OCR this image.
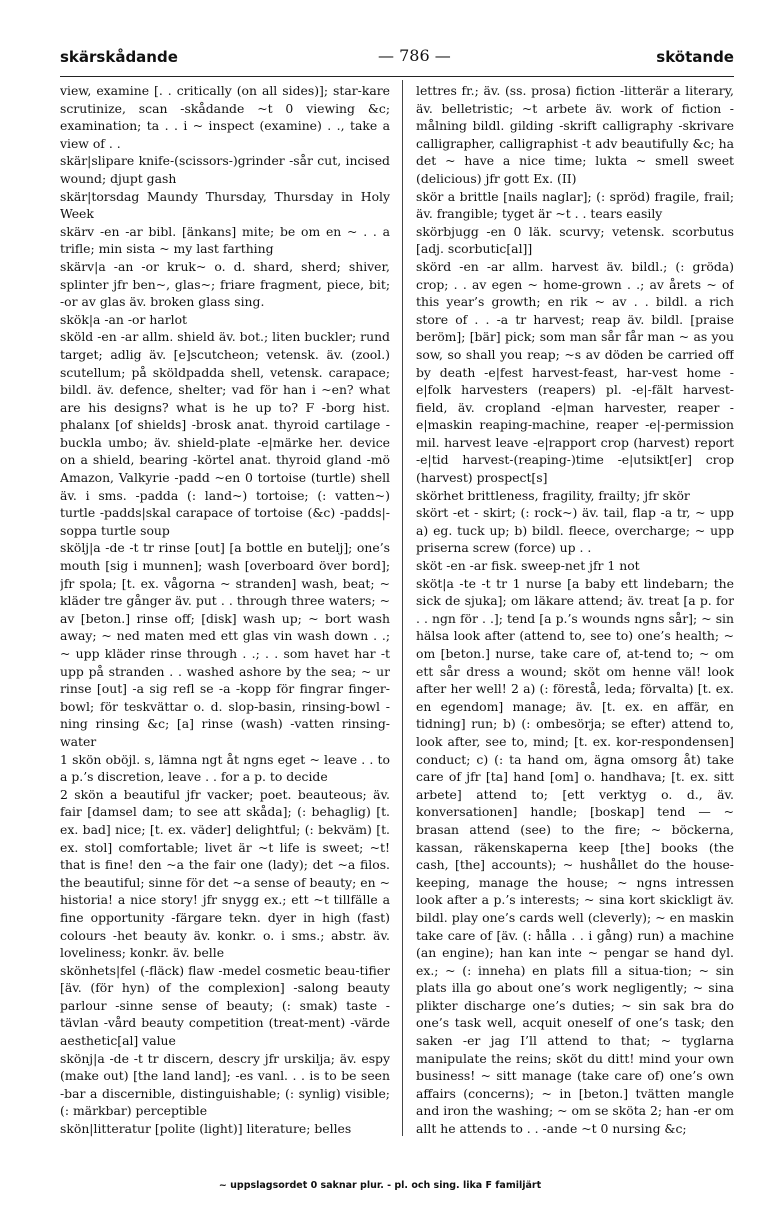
skärskådande	— 786 —	skötande

view, examine [. . critically (on all sides)]; star-kare scrutinize, scan -skådande ~t 0 viewing &c; examination; ta . . i ~ inspect (examine) . ., take a view of . .

skär|slipare knife-(scissors-)grinder -sår cut, incised wound; djupt gash

skär|torsdag Maundy Thursday, Thursday in Holy Week

skärv -en -ar bibl. [änkans] mite; be om en ~ . . a trifle; min sista ~ my last farthing

skärv|a -an -or kruk~ o. d. shard, sherd; shiver, splinter jfr ben~, glas~; friare fragment, piece, bit; -or av glas äv. broken glass sing.

skök|a -an -or harlot

sköld -en -ar allm. shield äv. bot.; liten buckler; rund target; adlig äv. [e]scutcheon; vetensk. äv. (zool.) scutellum; på sköldpadda shell, vetensk. carapace; bildl. äv. defence, shelter; vad för han i ~en? what are his designs? what is he up to? F -borg hist. phalanx [of shields] -brosk anat. thyroid cartilage -buckla umbo; äv. shield-plate -e|märke her. device on a shield, bearing -körtel anat. thyroid gland -mö Amazon, Valkyrie -padd ~en 0 tortoise (turtle) shell äv. i sms. -padda (: land~) tortoise; (: vatten~) turtle -padds|skal carapace of tortoise (&c) -padds|-soppa turtle soup

skölj|a -de -t tr rinse [out] [a bottle en butelj]; one’s mouth [sig i munnen]; wash [overboard över bord]; jfr spola; [t. ex. vågorna ~ stranden] wash, beat; ~ kläder tre gånger äv. put . . through three waters; ~ av [beton.] rinse off; [disk] wash up; ~ bort wash away; ~ ned maten med ett glas vin wash down . .; ~ upp kläder rinse through . .; . . som havet har -t upp på stranden . . washed ashore by the sea; ~ ur rinse [out] -a sig refl se -a -kopp för fingrar finger-bowl; för teskvättar o. d. slop-basin, rinsing-bowl -ning rinsing &c; [a] rinse (wash) -vatten rinsing-water

1 skön oböjl. s, lämna ngt åt ngns eget ~ leave . . to a p.’s discretion, leave . . for a p. to decide

2 skön a beautiful jfr vacker; poet. beauteous; äv. fair [damsel dam; to see att skåda]; (: behaglig) [t. ex. bad] nice; [t. ex. väder] delightful; (: bekväm) [t. ex. stol] comfortable; livet är ~t life is sweet; ~t! that is fine! den ~a the fair one (lady); det ~a filos. the beautiful; sinne för det ~a sense of beauty; en ~ historia! a nice story! jfr snygg ex.; ett ~t tillfälle a fine opportunity -färgare tekn. dyer in high (fast) colours -het beauty äv. konkr. o. i sms.; abstr. äv. loveliness; konkr. äv. belle

skönhets|fel (-fläck) flaw -medel cosmetic beau-tifier [äv. (för hyn) of the complexion] -salong beauty parlour -sinne sense of beauty; (: smak) taste -tävlan -vård beauty competition (treat-ment) -värde aesthetic[al] value

skönj|a -de -t tr discern, descry jfr urskilja; äv. espy (make out) [the land land]; -es vanl. . . is to be seen -bar a discernible, distinguishable; (: synlig) visible; (: märkbar) perceptible

skön|litteratur [polite (light)] literature; belles

lettres fr.; äv. (ss. prosa) fiction -litterär a literary, äv. belletristic; ~t arbete äv. work of fiction -målning bildl. gilding -skrift calligraphy -skrivare calligrapher, calligraphist -t adv beautifully &c; ha det ~ have a nice time; lukta ~ smell sweet (delicious) jfr gott Ex. (II)

skör a brittle [nails naglar]; (: spröd) fragile, frail; äv. frangible; tyget är ~t . . tears easily

skörbjugg -en 0 läk. scurvy; vetensk. scorbutus [adj. scorbutic[al]]

skörd -en -ar allm. harvest äv. bildl.; (: gröda) crop; . . av egen ~ home-grown . .; av årets ~ of this year’s growth; en rik ~ av . . bildl. a rich store of . . -a tr harvest; reap äv. bildl. [praise beröm]; [bär] pick; som man sår får man ~ as you sow, so shall you reap; ~s av döden be carried off by death -e|fest harvest-feast, har-vest home -e|folk harvesters (reapers) pl. -e|-fält harvest-field, äv. cropland -e|man harvester, reaper -e|maskin reaping-machine, reaper -e|-permission mil. harvest leave -e|rapport crop (harvest) report -e|tid harvest-(reaping-)time -e|utsikt[er] crop (harvest) prospect[s]

skörhet brittleness, fragility, frailty; jfr skör

skört -et - skirt; (: rock~) äv. tail, flap -a tr, ~ upp a) eg. tuck up; b) bildl. fleece, overcharge; ~ upp priserna screw (force) up . .

sköt -en -ar fisk. sweep-net jfr 1 not

sköt|a -te -t tr 1 nurse [a baby ett lindebarn; the sick de sjuka]; om läkare attend; äv. treat [a p. for . . ngn för . .]; tend [a p.’s wounds ngns sår]; ~ sin hälsa look after (attend to, see to) one’s health; ~ om [beton.] nurse, take care of, at-tend to; ~ om ett sår dress a wound; sköt om henne väl! look after her well! 2 a) (: förestå, leda; förvalta) [t. ex. en egendom] manage; äv. [t. ex. en affär, en tidning] run; b) (: ombesörja; se efter) attend to, look after, see to, mind; [t. ex. kor-respondensen] conduct; c) (: ta hand om, ägna omsorg åt) take care of jfr [ta] hand [om] o. handhava; [t. ex. sitt arbete] attend to; [ett verktyg o. d., äv. konversationen] handle; [boskap] tend — ~ brasan attend (see) to the fire; ~ böckerna, kassan, räkenskaperna keep [the] books (the cash, [the] accounts); ~ hushållet do the house-keeping, manage the house; ~ ngns intressen look after a p.’s interests; ~ sina kort skickligt äv. bildl. play one’s cards well (cleverly); ~ en maskin take care of [äv. (: hålla . . i gång) run) a machine (an engine); han kan inte ~ pengar se hand dyl. ex.; ~ (: inneha) en plats fill a situa-tion; ~ sin plats illa go about one’s work negligently; ~ sina plikter discharge one’s duties; ~ sin sak bra do one’s task well, acquit oneself of one’s task; den saken -er jag I’ll attend to that; ~ tyglarna manipulate the reins; sköt du ditt! mind your own business! ~ sitt manage (take care of) one’s own affairs (concerns); ~ in [beton.] tvätten mangle and iron the washing; ~ om se sköta 2; han -er om allt he attends to . . -ande ~t 0 nursing &c;

~ uppslagsordet 0 saknar plur. - pl. och sing. lika F familjärt
